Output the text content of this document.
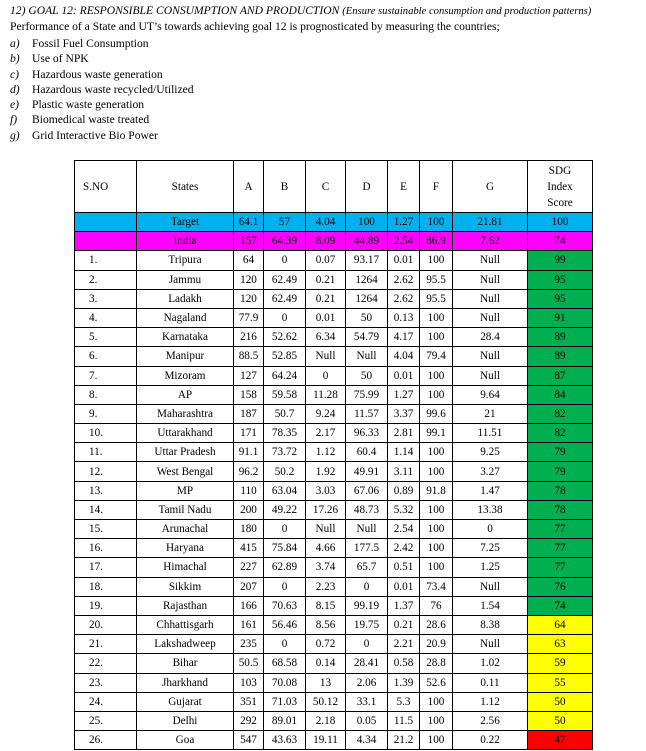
12) GOAL 12: RESPONSIBLE CONSUMPTION AND PRODUCTION (Ensure sustainable consumption and production patterns)
Performance of a State and UT’s towards achieving goal 12 is prognosticated by measuring the countries;
a) Fossil Fuel Consumption
b) Use of NPK
c) Hazardous waste generation
d) Hazardous waste recycled/Utilized
e) Plastic waste generation
f) Biomedical waste treated
g) Grid Interactive Bio Power
S.NO	States	A	B	C	D	E	F	G	SDG Index Score
	Target	64.1	57	4.04	100	1.27	100	21.81	100
	India	157	64.39	8.09	44.89	2.54	86.9	7.62	74
1.	Tripura	64	0	0.07	93.17	0.01	100	Null	99
2.	Jammu	120	62.49	0.21	1264	2.62	95.5	Null	95
3.	Ladakh	120	62.49	0.21	1264	2.62	95.5	Null	95
4.	Nagaland	77.9	0	0.01	50	0.13	100	Null	91
5.	Karnataka	216	52.62	6.34	54.79	4.17	100	28.4	89
6.	Manipur	88.5	52.85	Null	Null	4.04	79.4	Null	89
7.	Mizoram	127	64.24	0	50	0.01	100	Null	87
8.	AP	158	59.58	11.28	75.99	1.27	100	9.64	84
9.	Maharashtra	187	50.7	9.24	11.57	3.37	99.6	21	82
10.	Uttarakhand	171	78.35	2.17	96.33	2.81	99.1	11.51	82
11.	Uttar Pradesh	91.1	73.72	1.12	60.4	1.14	100	9.25	79
12.	West Bengal	96.2	50.2	1.92	49.91	3.11	100	3.27	79
13.	MP	110	63.04	3.03	67.06	0.89	91.8	1.47	78
14.	Tamil Nadu	200	49.22	17.26	48.73	5.32	100	13.38	78
15.	Arunachal	180	0	Null	Null	2.54	100	0	77
16.	Haryana	415	75.84	4.66	177.5	2.42	100	7.25	77
17.	Himachal	227	62.89	3.74	65.7	0.51	100	1.25	77
18.	Sikkim	207	0	2.23	0	0.01	73.4	Null	76
19.	Rajasthan	166	70.63	8.15	99.19	1.37	76	1.54	74
20.	Chhattisgarh	161	56.46	8.56	19.75	0.21	28.6	8.38	64
21.	Lakshadweep	235	0	0.72	0	2.21	20.9	Null	63
22.	Bihar	50.5	68.58	0.14	28.41	0.58	28.8	1.02	59
23.	Jharkhand	103	70.08	13	2.06	1.39	52.6	0.11	55
24.	Gujarat	351	71.03	50.12	33.1	5.3	100	1.12	50
25.	Delhi	292	89.01	2.18	0.05	11.5	100	2.56	50
26.	Goa	547	43.63	19.11	4.34	21.2	100	0.22	47
